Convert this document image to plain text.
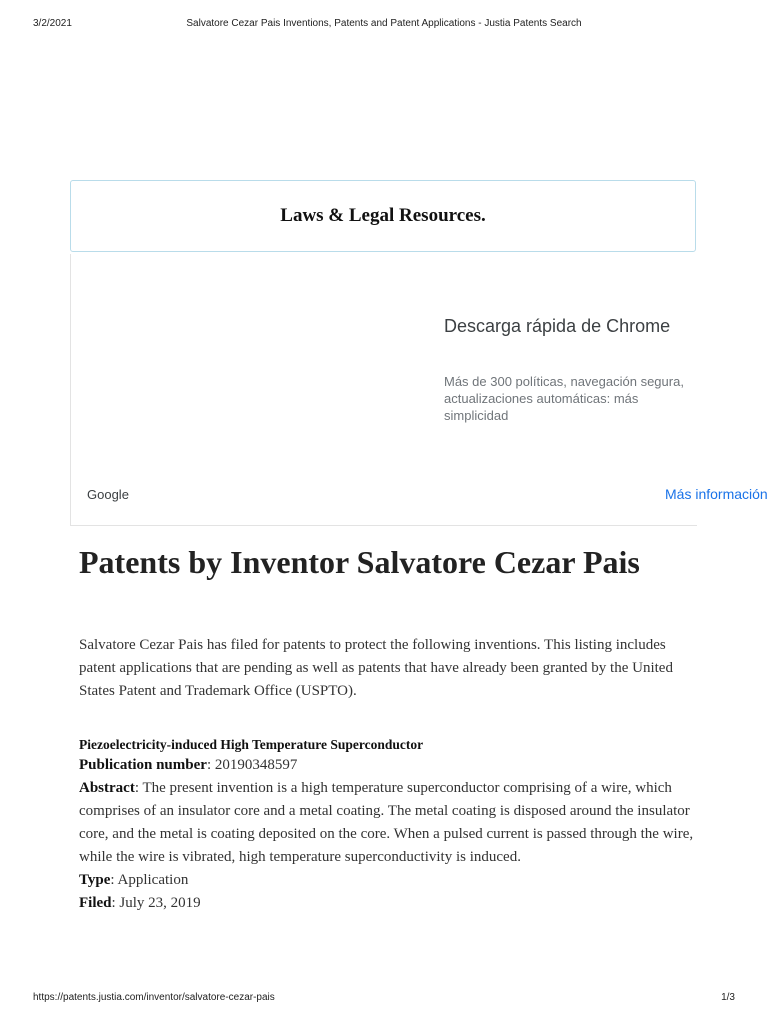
3/2/2021	Salvatore Cezar Pais Inventions, Patents and Patent Applications - Justia Patents Search
Laws & Legal Resources.
Descarga rápida de Chrome
Más de 300 políticas, navegación segura, actualizaciones automáticas: más simplicidad
Google	Más información
Patents by Inventor Salvatore Cezar Pais

Salvatore Cezar Pais has filed for patents to protect the following inventions. This listing includes patent applications that are pending as well as patents that have already been granted by the United States Patent and Trademark Office (USPTO).

Piezoelectricity-induced High Temperature Superconductor
Publication number: 20190348597
Abstract: The present invention is a high temperature superconductor comprising of a wire, which comprises of an insulator core and a metal coating. The metal coating is disposed around the insulator core, and the metal is coating deposited on the core. When a pulsed current is passed through the wire, while the wire is vibrated, high temperature superconductivity is induced.
Type: Application
Filed: July 23, 2019
https://patents.justia.com/inventor/salvatore-cezar-pais	1/3
